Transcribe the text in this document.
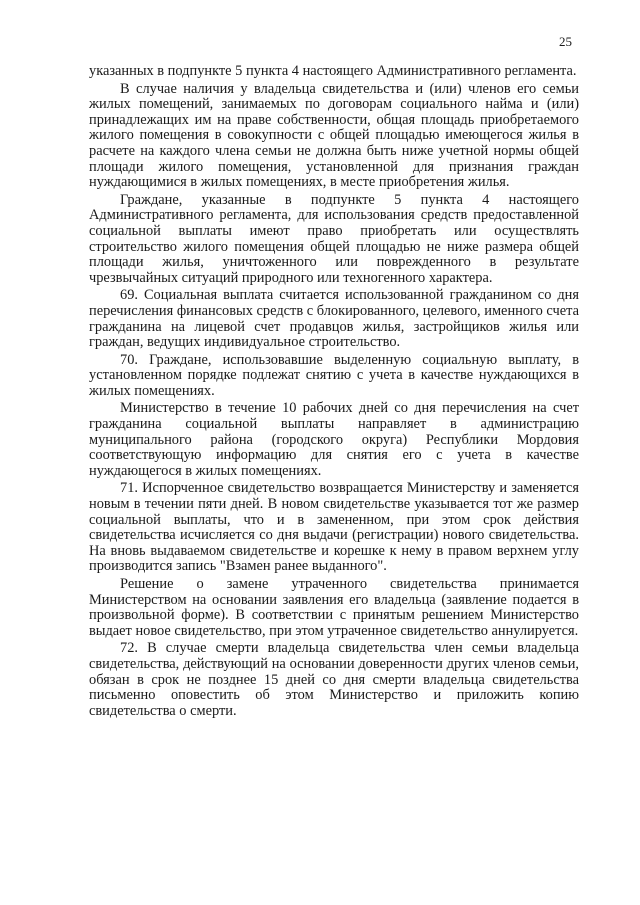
25

указанных в подпункте 5 пункта 4 настоящего Административного регламента.

В случае наличия у владельца свидетельства и (или) членов его семьи жилых помещений, занимаемых по договорам социального найма и (или) принадлежащих им на праве собственности, общая площадь приобретаемого жилого помещения в совокупности с общей площадью имеющегося жилья в расчете на каждого члена семьи не должна быть ниже учетной нормы общей площади жилого помещения, установленной для признания граждан нуждающимися в жилых помещениях, в месте приобретения жилья.

Граждане, указанные в подпункте 5 пункта 4 настоящего Административного регламента, для использования средств предоставленной социальной выплаты имеют право приобретать или осуществлять строительство жилого помещения общей площадью не ниже размера общей площади жилья, уничтоженного или поврежденного в результате чрезвычайных ситуаций природного или техногенного характера.

69. Социальная выплата считается использованной гражданином со дня перечисления финансовых средств с блокированного, целевого, именного счета гражданина на лицевой счет продавцов жилья, застройщиков жилья или граждан, ведущих индивидуальное строительство.

70. Граждане, использовавшие выделенную социальную выплату, в установленном порядке подлежат снятию с учета в качестве нуждающихся в жилых помещениях.

Министерство в течение 10 рабочих дней со дня перечисления на счет гражданина социальной выплаты направляет в администрацию муниципального района (городского округа) Республики Мордовия соответствующую информацию для снятия его с учета в качестве нуждающегося в жилых помещениях.

71. Испорченное свидетельство возвращается Министерству и заменяется новым в течении пяти дней. В новом свидетельстве указывается тот же размер социальной выплаты, что и в замененном, при этом срок действия свидетельства исчисляется со дня выдачи (регистрации) нового свидетельства. На вновь выдаваемом свидетельстве и корешке к нему в правом верхнем углу производится запись "Взамен ранее выданного".

Решение о замене утраченного свидетельства принимается Министерством на основании заявления его владельца (заявление подается в произвольной форме). В соответствии с принятым решением Министерство выдает новое свидетельство, при этом утраченное свидетельство аннулируется.

72. В случае смерти владельца свидетельства член семьи владельца свидетельства, действующий на основании доверенности других членов семьи, обязан в срок не позднее 15 дней со дня смерти владельца свидетельства письменно оповестить об этом Министерство и приложить копию свидетельства о смерти.
